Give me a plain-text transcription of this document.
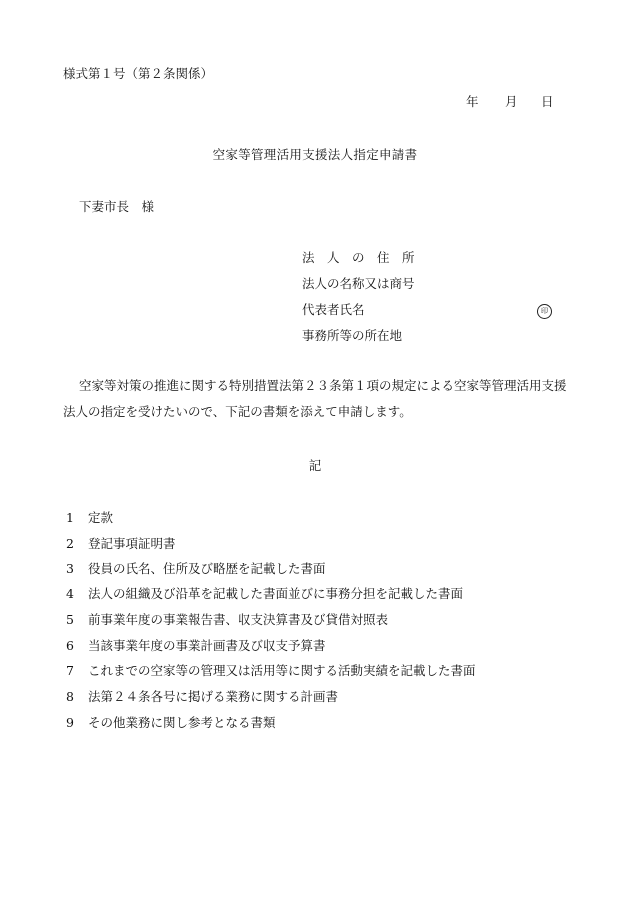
様式第１号（第２条関係）
年 月 日
空家等管理活用支援法人指定申請書
下妻市長　様
法　人　の　住　所
法人の名称又は商号
代表者氏名	印
事務所等の所在地
空家等対策の推進に関する特別措置法第２３条第１項の規定による空家等管理活用支援
法人の指定を受けたいので、下記の書類を添えて申請します。
記
1 定款
2 登記事項証明書
3 役員の氏名、住所及び略歴を記載した書面
4 法人の組織及び沿革を記載した書面並びに事務分担を記載した書面
5 前事業年度の事業報告書、収支決算書及び貸借対照表
6 当該事業年度の事業計画書及び収支予算書
7 これまでの空家等の管理又は活用等に関する活動実績を記載した書面
8 法第２４条各号に掲げる業務に関する計画書
9 その他業務に関し参考となる書類
